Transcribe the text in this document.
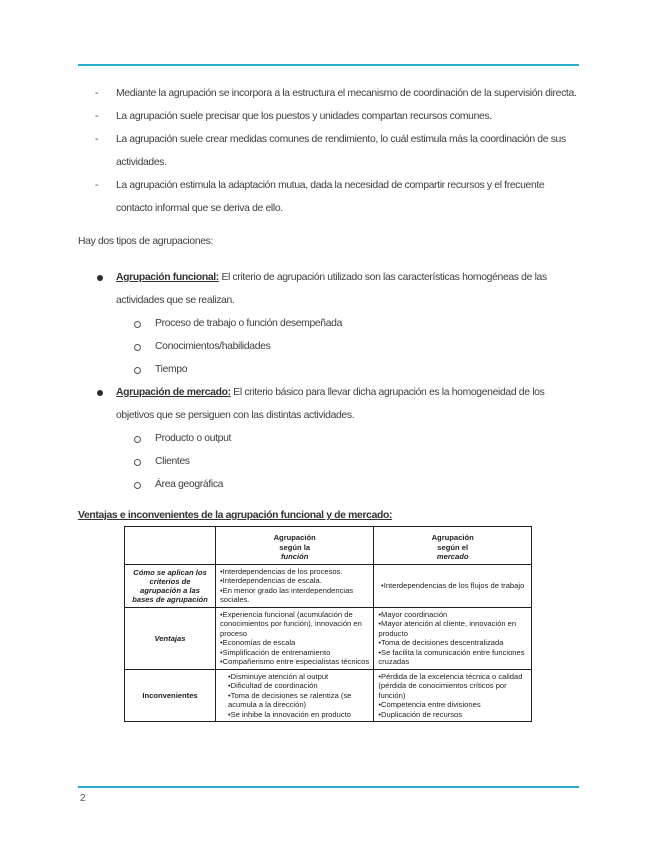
- Mediante la agrupación se incorpora a la estructura el mecanismo de coordinación de la supervisión directa.
- La agrupación suele precisar que los puestos y unidades compartan recursos comunes.
- La agrupación suele crear medidas comunes de rendimiento, lo cuál estimula más la coordinación de sus actividades.
- La agrupación estimula la adaptación mutua, dada la necesidad de compartir recursos y el frecuente contacto informal que se deriva de ello.

Hay dos tipos de agrupaciones:

Agrupación funcional: El criterio de agrupación utilizado son las características homogéneas de las actividades que se realizan.
Proceso de trabajo o función desempeñada
Conocimientos/habilidades
Tiempo
Agrupación de mercado: El criterio básico para llevar dicha agrupación es la homogeneidad de los objetivos que se persiguen con las distintas actividades.
Producto o output
Clientes
Área geográfica

Ventajas e inconvenientes de la agrupación funcional y de mercado:

	Agrupación
según la
función	Agrupación
según el
mercado

Cómo se aplican los criterios de agrupación a las bases de agrupación	•Interdependencias de los procesos.
•Interdependencias de escala.
•En menor grado las interdependencias sociales.	•Interdependencias de los flujos de trabajo
Ventajas	•Experiencia funcional (acumulación de conocimientos por función), innovación en proceso
•Economías de escala
•Simplificación de entrenamiento
•Compañerismo entre especialistas técnicos	•Mayor coordinación
•Mayor atención al cliente, innovación en producto
•Toma de decisiones descentralizada
•Se facilita la comunicación entre funciones cruzadas

Inconvenientes	•Disminuye atención al output
•Dificultad de coordinación
•Toma de decisiones se ralentiza (se acumula a la dirección)
•Se inhibe la innovación en producto	•Pérdida de la excelencia técnica o calidad (pérdida de conocimientos críticos por función)
•Competencia entre divisiones
•Duplicación de recursos
2
